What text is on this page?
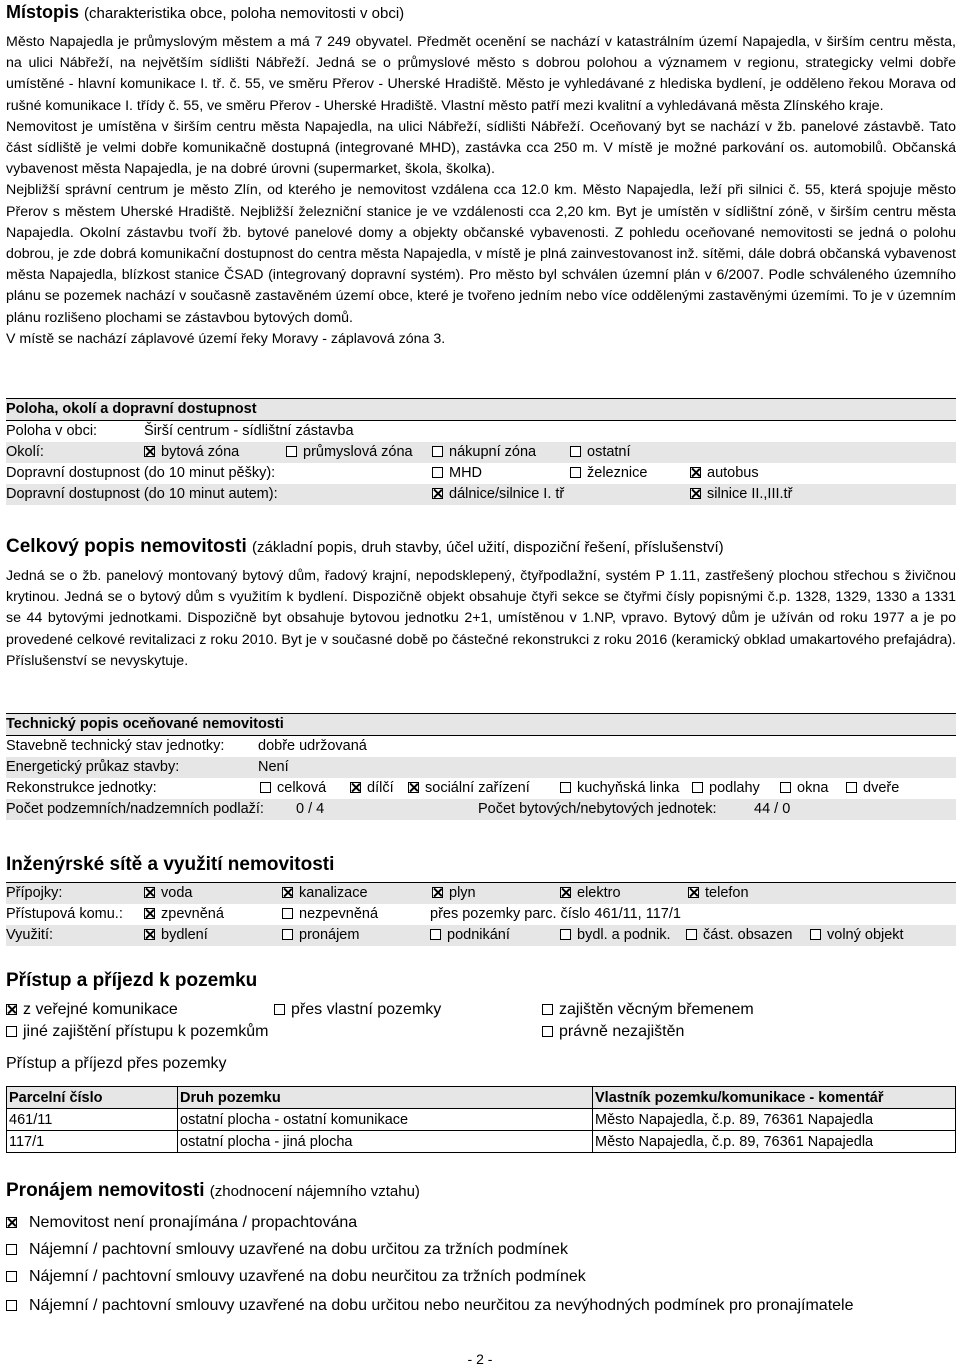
Místopis (charakteristika obce, poloha nemovitosti v obci)

Město Napajedla je průmyslovým městem a má 7 249 obyvatel. Předmět ocenění se nachází v katastrálním území Napajedla, v širším centru města, na ulici Nábřeží, na největším sídlišti Nábřeží. Jedná se o průmyslové město s dobrou polohou a významem v regionu, strategicky velmi dobře umístěné - hlavní komunikace I. tř. č. 55, ve směru Přerov - Uherské Hradiště. Město je vyhledávané z hlediska bydlení, je odděleno řekou Morava od rušné komunikace I. třídy č. 55, ve směru Přerov - Uherské Hradiště. Vlastní město patří mezi kvalitní a vyhledávaná města Zlínského kraje.

Nemovitost je umístěna v širším centru města Napajedla, na ulici Nábřeží, sídlišti Nábřeží. Oceňovaný byt se nachází v žb. panelové zástavbě. Tato část sídliště je velmi dobře komunikačně dostupná (integrované MHD), zastávka cca 250 m. V místě je možné parkování os. automobilů. Občanská vybavenost města Napajedla, je na dobré úrovni (supermarket, škola, školka).

Nejbližší správní centrum je město Zlín, od kterého je nemovitost vzdálena cca 12.0 km. Město Napajedla, leží při silnici č. 55, která spojuje město Přerov s městem Uherské Hradiště. Nejbližší železniční stanice je ve vzdálenosti cca 2,20 km. Byt je umístěn v sídlištní zóně, v širším centru města Napajedla. Okolní zástavbu tvoří žb. bytové panelové domy a objekty občanské vybavenosti. Z pohledu oceňované nemovitosti se jedná o polohu dobrou, je zde dobrá komunikační dostupnost do centra města Napajedla, v místě je plná zainvestovanost inž. sítěmi, dále dobrá občanská vybavenost města Napajedla, blízkost stanice ČSAD (integrovaný dopravní systém). Pro město byl schválen územní plán v 6/2007. Podle schváleného územního plánu se pozemek nachází v současně zastavěném území obce, které je tvořeno jedním nebo více oddělenými zastavěnými územími. To je v územním plánu rozlišeno plochami se zástavbou bytových domů.

V místě se nachází záplavové území řeky Moravy - záplavová zóna 3.

Poloha, okolí a dopravní dostupnost
Poloha v obci:	Širší centrum - sídlištní zástavba
Okolí:	bytová zóna	průmyslová zóna	nákupní zóna	ostatní
Dopravní dostupnost (do 10 minut pěšky):	MHD	železnice	autobus
Dopravní dostupnost (do 10 minut autem):	dálnice/silnice I. tř	silnice II.,III.tř
Celkový popis nemovitosti (základní popis, druh stavby, účel užití, dispoziční řešení, příslušenství)

Jedná se o žb. panelový montovaný bytový dům, řadový krajní, nepodsklepený, čtyřpodlažní, systém P 1.11, zastřešený plochou střechou s živičnou krytinou. Jedná se o bytový dům s využitím k bydlení. Dispozičně objekt obsahuje čtyři sekce se čtyřmi čísly popisnými č.p. 1328, 1329, 1330 a 1331 se 44 bytovými jednotkami. Dispozičně byt obsahuje bytovou jednotku 2+1, umístěnou v 1.NP, vpravo. Bytový dům je užíván od roku 1977 a je po provedené celkové revitalizaci z roku 2010. Byt je v současné době po částečné rekonstrukci z roku 2016 (keramický obklad umakartového prefajádra). Příslušenství se nevyskytuje.

Technický popis oceňované nemovitosti
Stavebně technický stav jednotky: dobře udržovaná
Energetický průkaz stavby:	Není
Rekonstrukce jednotky:	celková	dílčí	sociální zařízení	kuchyňská linka	podlahy	okna	dveře
Počet podzemních/nadzemních podlaží: 0 / 4	Počet bytových/nebytových jednotek:	44 / 0
Inženýrské sítě a využití nemovitosti
Přípojky:	voda	kanalizace	plyn	elektro	telefon
Přístupová komu.:	zpevněná	nezpevněná	přes pozemky parc. číslo 461/11, 117/1
Využití:	bydlení	pronájem	podnikání	bydl. a podnik.	část. obsazen	volný objekt
Přístup a příjezd k pozemku
z veřejné komunikace	přes vlastní pozemky	zajištěn věcným břemenem
jiné zajištění přístupu k pozemkům	právně nezajištěn
Přístup a příjezd přes pozemky
Parcelní číslo	Druh pozemku	Vlastník pozemku/komunikace - komentář
461/11	ostatní plocha - ostatní komunikace	Město Napajedla, č.p. 89, 76361 Napajedla
117/1	ostatní plocha - jiná plocha	Město Napajedla, č.p. 89, 76361 Napajedla
Pronájem nemovitosti (zhodnocení nájemního vztahu)
Nemovitost není pronajímána / propachtována
Nájemní / pachtovní smlouvy uzavřené na dobu určitou za tržních podmínek
Nájemní / pachtovní smlouvy uzavřené na dobu neurčitou za tržních podmínek
Nájemní / pachtovní smlouvy uzavřené na dobu určitou nebo neurčitou za nevýhodných podmínek pro pronajímatele
- 2 -
